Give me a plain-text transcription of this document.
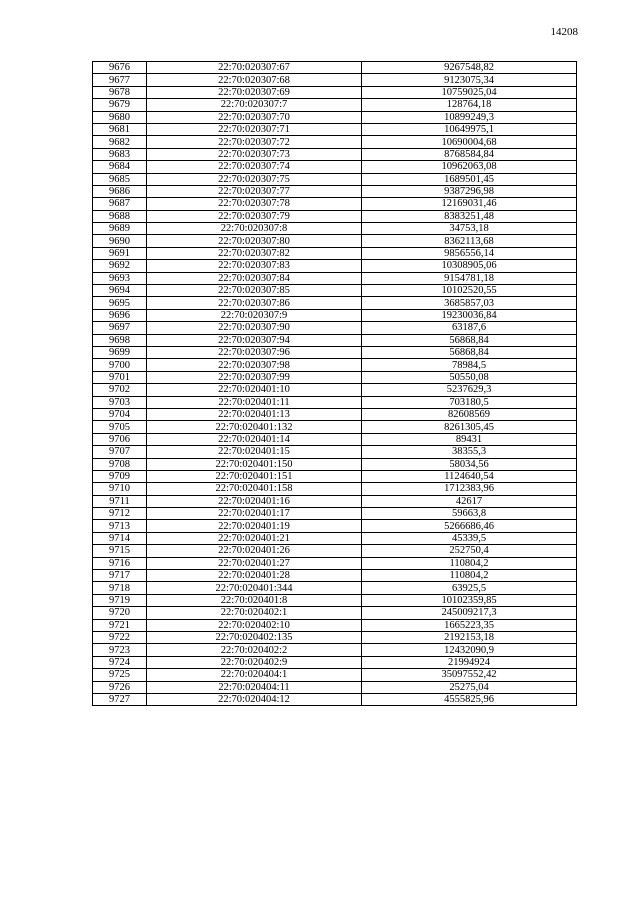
14208
9676	22:70:020307:67	9267548,82
9677	22:70:020307:68	9123075,34
9678	22:70:020307:69	10759025,04
9679	22:70:020307:7	128764,18
9680	22:70:020307:70	10899249,3
9681	22:70:020307:71	10649975,1
9682	22:70:020307:72	10690004,68
9683	22:70:020307:73	8768584,84
9684	22:70:020307:74	10962063,08
9685	22:70:020307:75	1689501,45
9686	22:70:020307:77	9387296,98
9687	22:70:020307:78	12169031,46
9688	22:70:020307:79	8383251,48
9689	22:70:020307:8	34753,18
9690	22:70:020307:80	8362113,68
9691	22:70:020307:82	9856556,14
9692	22:70:020307:83	10308905,06
9693	22:70:020307:84	9154781,18
9694	22:70:020307:85	10102520,55
9695	22:70:020307:86	3685857,03
9696	22:70:020307:9	19230036,84
9697	22:70:020307:90	63187,6
9698	22:70:020307:94	56868,84
9699	22:70:020307:96	56868,84
9700	22:70:020307:98	78984,5
9701	22:70:020307:99	50550,08
9702	22:70:020401:10	5237629,3
9703	22:70:020401:11	703180,5
9704	22:70:020401:13	82608569
9705	22:70:020401:132	8261305,45
9706	22:70:020401:14	89431
9707	22:70:020401:15	38355,3
9708	22:70:020401:150	58034,56
9709	22:70:020401:151	1124640,54
9710	22:70:020401:158	1712383,96
9711	22:70:020401:16	42617
9712	22:70:020401:17	59663,8
9713	22:70:020401:19	5266686,46
9714	22:70:020401:21	45339,5
9715	22:70:020401:26	252750,4
9716	22:70:020401:27	110804,2
9717	22:70:020401:28	110804,2
9718	22:70:020401:344	63925,5
9719	22:70:020401:8	10102359,85
9720	22:70:020402:1	245009217,3
9721	22:70:020402:10	1665223,35
9722	22:70:020402:135	2192153,18
9723	22:70:020402:2	12432090,9
9724	22:70:020402:9	21994924
9725	22:70:020404:1	35097552,42
9726	22:70:020404:11	25275,04
9727	22:70:020404:12	4555825,96
